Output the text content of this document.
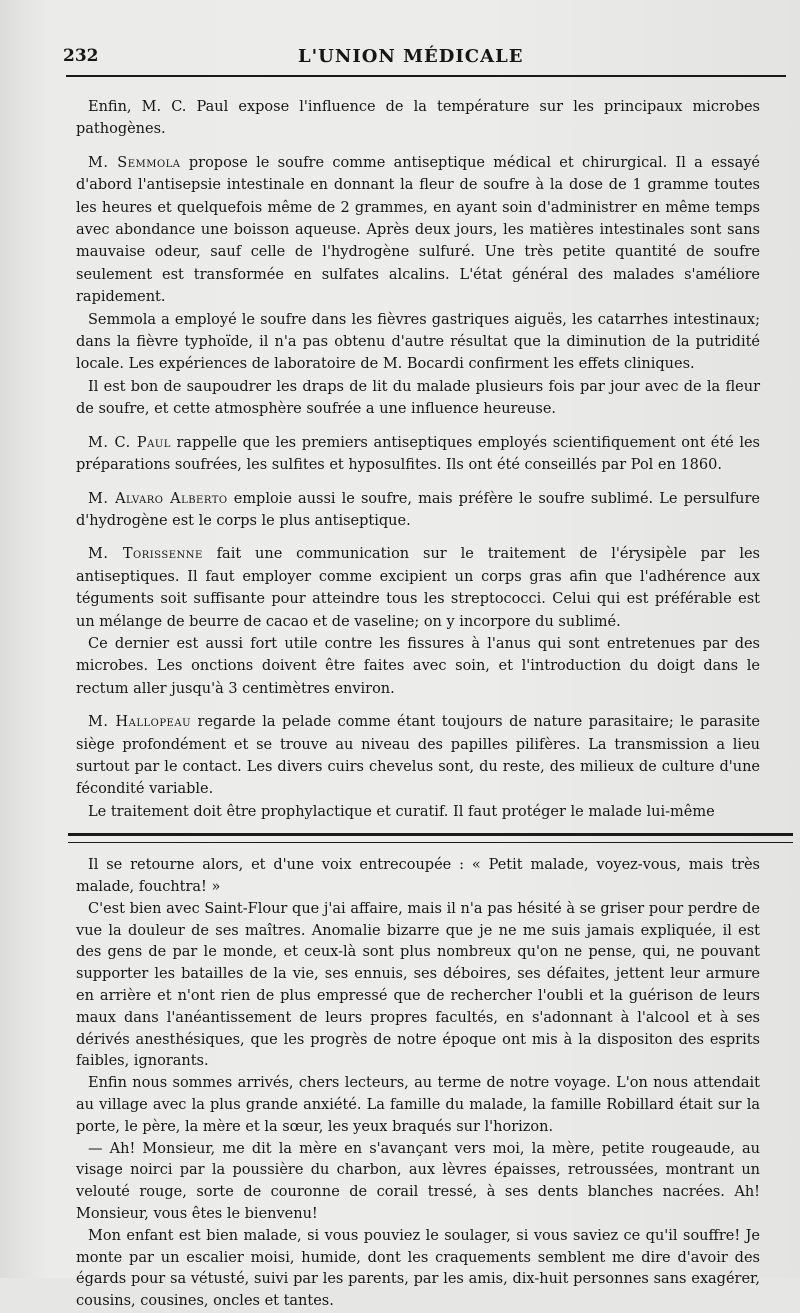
232	L'UNION MÉDICALE

Enfin, M. C. Paul expose l'influence de la température sur les principaux microbes pathogènes.

M. Semmola propose le soufre comme antiseptique médical et chirurgical. Il a essayé d'abord l'antisepsie intestinale en donnant la fleur de soufre à la dose de 1 gramme toutes les heures et quelquefois même de 2 grammes, en ayant soin d'administrer en même temps avec abondance une boisson aqueuse. Après deux jours, les matières intestinales sont sans mauvaise odeur, sauf celle de l'hydrogène sulfuré. Une très petite quantité de soufre seulement est transformée en sulfates alcalins. L'état général des malades s'améliore rapidement.

Semmola a employé le soufre dans les fièvres gastriques aiguës, les catarrhes intestinaux; dans la fièvre typhoïde, il n'a pas obtenu d'autre résultat que la diminution de la putridité locale. Les expériences de laboratoire de M. Bocardi confirment les effets cliniques.

Il est bon de saupoudrer les draps de lit du malade plusieurs fois par jour avec de la fleur de soufre, et cette atmosphère soufrée a une influence heureuse.

M. C. Paul rappelle que les premiers antiseptiques employés scientifiquement ont été les préparations soufrées, les sulfites et hyposulfites. Ils ont été conseillés par Pol en 1860.

M. Alvaro Alberto emploie aussi le soufre, mais préfère le soufre sublimé. Le persulfure d'hydrogène est le corps le plus antiseptique.

M. Torissenne fait une communication sur le traitement de l'érysipèle par les antiseptiques. Il faut employer comme excipient un corps gras afin que l'adhérence aux téguments soit suffisante pour atteindre tous les streptococci. Celui qui est préférable est un mélange de beurre de cacao et de vaseline; on y incorpore du sublimé.

Ce dernier est aussi fort utile contre les fissures à l'anus qui sont entretenues par des microbes. Les onctions doivent être faites avec soin, et l'introduction du doigt dans le rectum aller jusqu'à 3 centimètres environ.

M. Hallopeau regarde la pelade comme étant toujours de nature parasitaire; le parasite siège profondément et se trouve au niveau des papilles pilifères. La transmission a lieu surtout par le contact. Les divers cuirs chevelus sont, du reste, des milieux de culture d'une fécondité variable.

Le traitement doit être prophylactique et curatif. Il faut protéger le malade lui-même

Il se retourne alors, et d'une voix entrecoupée : « Petit malade, voyez-vous, mais très malade, fouchtra! »

C'est bien avec Saint-Flour que j'ai affaire, mais il n'a pas hésité à se griser pour perdre de vue la douleur de ses maîtres. Anomalie bizarre que je ne me suis jamais expliquée, il est des gens de par le monde, et ceux-là sont plus nombreux qu'on ne pense, qui, ne pouvant supporter les batailles de la vie, ses ennuis, ses déboires, ses défaites, jettent leur armure en arrière et n'ont rien de plus empressé que de rechercher l'oubli et la guérison de leurs maux dans l'anéantissement de leurs propres facultés, en s'adonnant à l'alcool et à ses dérivés anesthésiques, que les progrès de notre époque ont mis à la dispositon des esprits faibles, ignorants.

Enfin nous sommes arrivés, chers lecteurs, au terme de notre voyage. L'on nous attendait au village avec la plus grande anxiété. La famille du malade, la famille Robillard était sur la porte, le père, la mère et la sœur, les yeux braqués sur l'horizon.

— Ah! Monsieur, me dit la mère en s'avançant vers moi, la mère, petite rougeaude, au visage noirci par la poussière du charbon, aux lèvres épaisses, retroussées, montrant un velouté rouge, sorte de couronne de corail tressé, à ses dents blanches nacrées. Ah! Monsieur, vous êtes le bienvenu!

Mon enfant est bien malade, si vous pouviez le soulager, si vous saviez ce qu'il souffre! Je monte par un escalier moisi, humide, dont les craquements semblent me dire d'avoir des égards pour sa vétusté, suivi par les parents, par les amis, dix-huit personnes sans exagérer, cousins, cousines, oncles et tantes.
